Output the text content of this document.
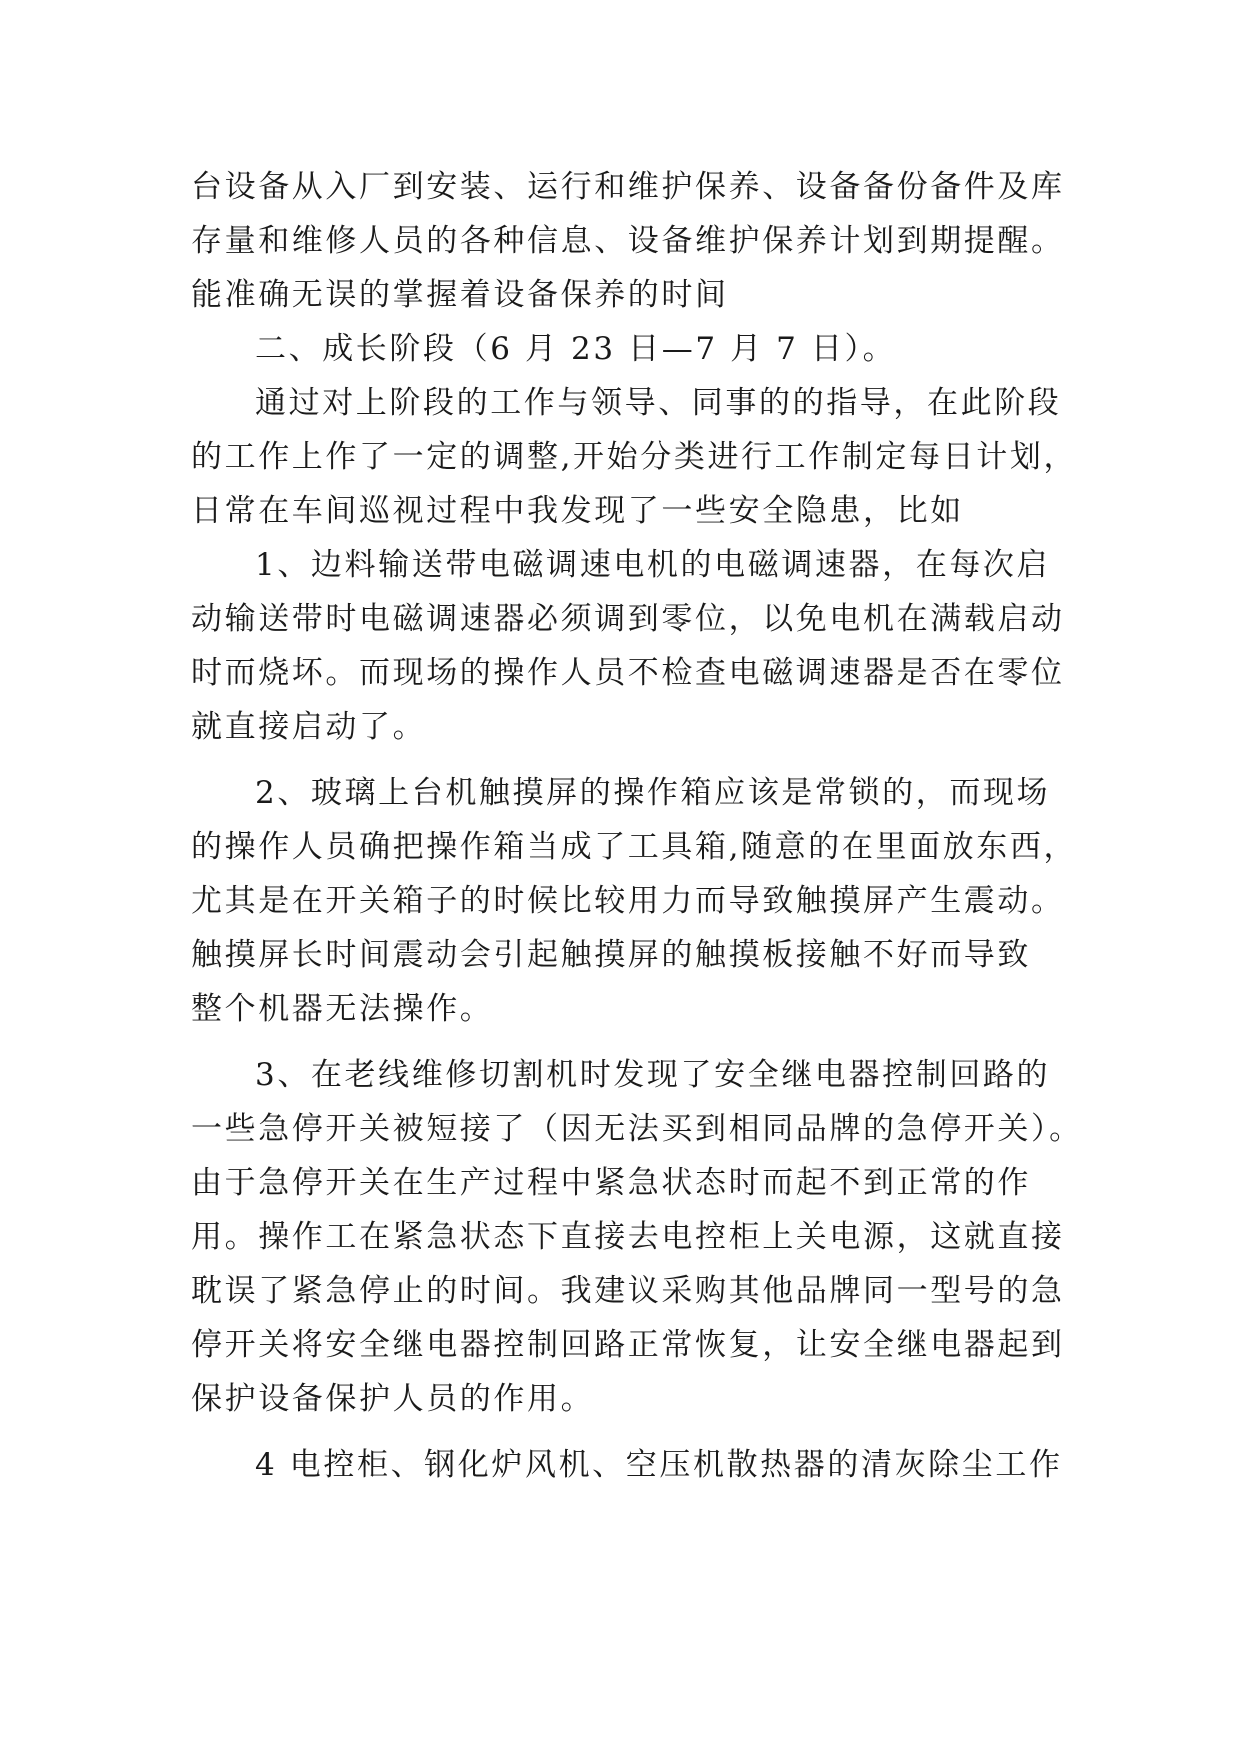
台设备从入厂到安装、运行和维护保养、设备备份备件及库
存量和维修人员的各种信息、设备维护保养计划到期提醒。
能准确无误的掌握着设备保养的时间
二、成长阶段（6 月 23 日—7 月 7 日）。
通过对上阶段的工作与领导、同事的的指导，在此阶段
的工作上作了一定的调整,开始分类进行工作制定每日计划，
日常在车间巡视过程中我发现了一些安全隐患，比如
1、边料输送带电磁调速电机的电磁调速器，在每次启
动输送带时电磁调速器必须调到零位，以免电机在满载启动
时而烧坏。而现场的操作人员不检查电磁调速器是否在零位
就直接启动了。
2、玻璃上台机触摸屏的操作箱应该是常锁的，而现场
的操作人员确把操作箱当成了工具箱,随意的在里面放东西，
尤其是在开关箱子的时候比较用力而导致触摸屏产生震动。
触摸屏长时间震动会引起触摸屏的触摸板接触不好而导致
整个机器无法操作。
3、在老线维修切割机时发现了安全继电器控制回路的
一些急停开关被短接了（因无法买到相同品牌的急停开关）。
由于急停开关在生产过程中紧急状态时而起不到正常的作
用。操作工在紧急状态下直接去电控柜上关电源，这就直接
耽误了紧急停止的时间。我建议采购其他品牌同一型号的急
停开关将安全继电器控制回路正常恢复，让安全继电器起到
保护设备保护人员的作用。
4 电控柜、钢化炉风机、空压机散热器的清灰除尘工作
